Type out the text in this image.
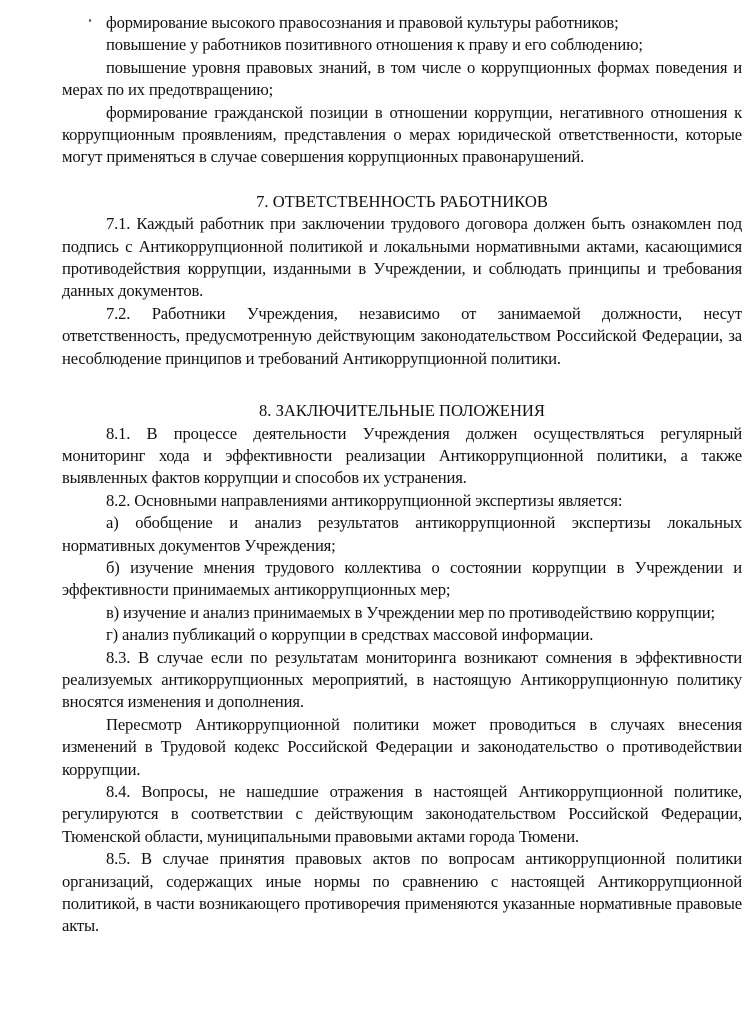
формирование высокого правосознания и правовой культуры работников;

повышение у работников позитивного отношения к праву и его соблюдению;

повышение уровня правовых знаний, в том числе о коррупционных формах поведения и мерах по их предотвращению;

формирование гражданской позиции в отношении коррупции, негативного отношения к коррупционным проявлениям, представления о мерах юридической ответственности, которые могут применяться в случае совершения коррупционных правонарушений.

7. ОТВЕТСТВЕННОСТЬ РАБОТНИКОВ

7.1. Каждый работник при заключении трудового договора должен быть ознакомлен под подпись с Антикоррупционной политикой и локальными нормативными актами, касающимися противодействия коррупции, изданными в Учреждении, и соблюдать принципы и требования данных документов.

7.2. Работники Учреждения, независимо от занимаемой должности, несут ответственность, предусмотренную действующим законодательством Российской Федерации, за несоблюдение принципов и требований Антикоррупционной политики.

8. ЗАКЛЮЧИТЕЛЬНЫЕ ПОЛОЖЕНИЯ

8.1. В процессе деятельности Учреждения должен осуществляться регулярный мониторинг хода и эффективности реализации Антикоррупционной политики, а также выявленных фактов коррупции и способов их устранения.

8.2. Основными направлениями антикоррупционной экспертизы является:

а) обобщение и анализ результатов антикоррупционной экспертизы локальных нормативных документов Учреждения;

б) изучение мнения трудового коллектива о состоянии коррупции в Учреждении и эффективности принимаемых антикоррупционных мер;

в) изучение и анализ принимаемых в Учреждении мер по противодействию коррупции;

г) анализ публикаций о коррупции в средствах массовой информации.

8.3. В случае если по результатам мониторинга возникают сомнения в эффективности реализуемых антикоррупционных мероприятий, в настоящую Антикоррупционную политику вносятся изменения и дополнения.

Пересмотр Антикоррупционной политики может проводиться в случаях внесения изменений в Трудовой кодекс Российской Федерации и законодательство о противодействии коррупции.

8.4. Вопросы, не нашедшие отражения в настоящей Антикоррупционной политике, регулируются в соответствии с действующим законодательством Российской Федерации, Тюменской области, муниципальными правовыми актами города Тюмени.

8.5. В случае принятия правовых актов по вопросам антикоррупционной политики организаций, содержащих иные нормы по сравнению с настоящей Антикоррупционной политикой, в части возникающего противоречия применяются указанные нормативные правовые акты.
